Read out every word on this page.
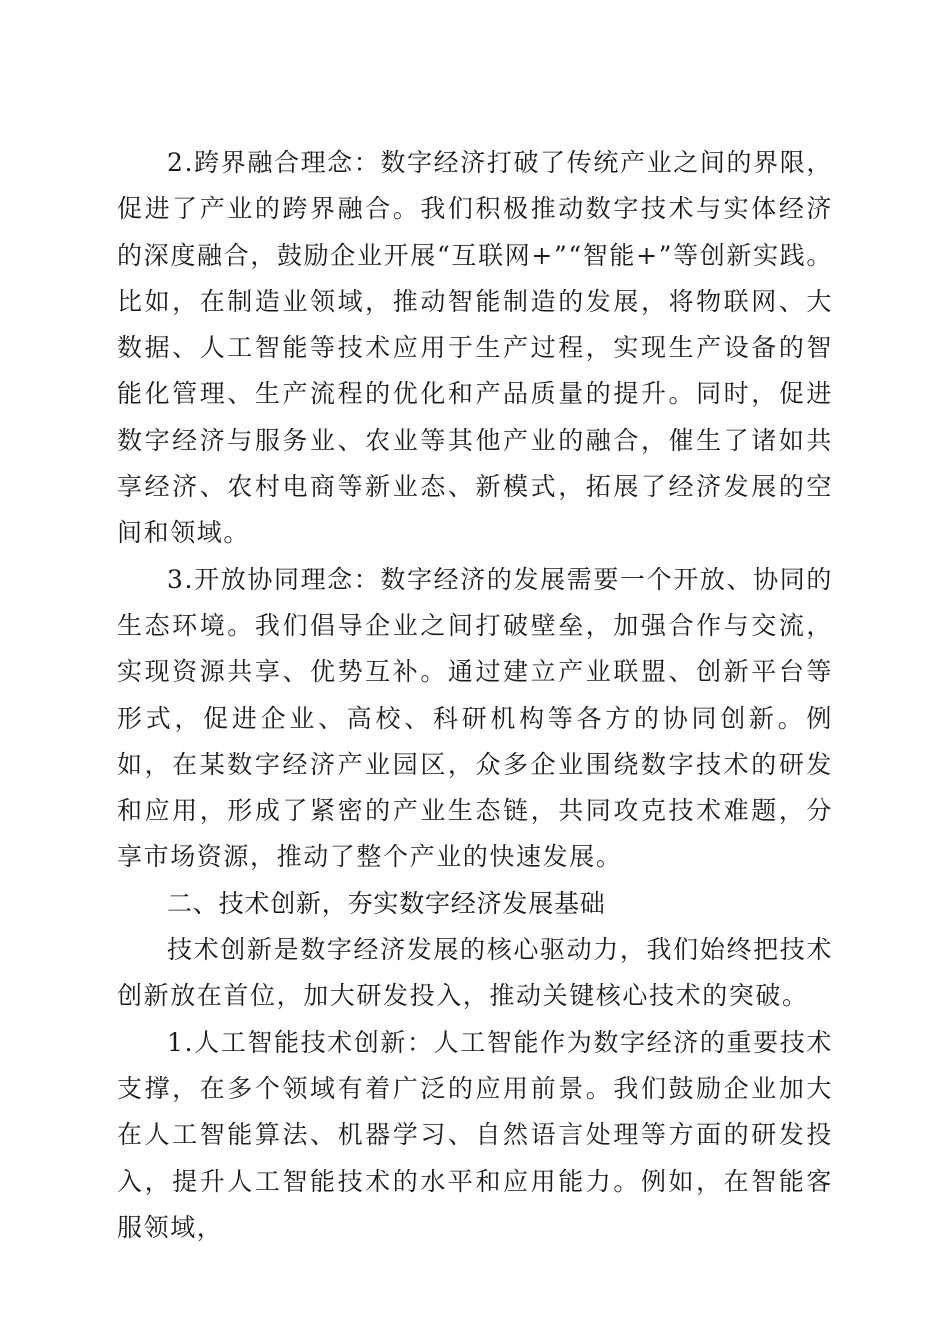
2.跨界融合理念：数字经济打破了传统产业之间的界限，促进了产业的跨界融合。我们积极推动数字技术与实体经济的深度融合，鼓励企业开展“互联网+”“智能+”等创新实践。比如，在制造业领域，推动智能制造的发展，将物联网、大数据、人工智能等技术应用于生产过程，实现生产设备的智能化管理、生产流程的优化和产品质量的提升。同时，促进数字经济与服务业、农业等其他产业的融合，催生了诸如共享经济、农村电商等新业态、新模式，拓展了经济发展的空间和领域。

3.开放协同理念：数字经济的发展需要一个开放、协同的生态环境。我们倡导企业之间打破壁垒，加强合作与交流，实现资源共享、优势互补。通过建立产业联盟、创新平台等形式，促进企业、高校、科研机构等各方的协同创新。例如，在某数字经济产业园区，众多企业围绕数字技术的研发和应用，形成了紧密的产业生态链，共同攻克技术难题，分享市场资源，推动了整个产业的快速发展。

二、技术创新，夯实数字经济发展基础

技术创新是数字经济发展的核心驱动力，我们始终把技术创新放在首位，加大研发投入，推动关键核心技术的突破。

1.人工智能技术创新：人工智能作为数字经济的重要技术支撑，在多个领域有着广泛的应用前景。我们鼓励企业加大在人工智能算法、机器学习、自然语言处理等方面的研发投入，提升人工智能技术的水平和应用能力。例如，在智能客服领域，
